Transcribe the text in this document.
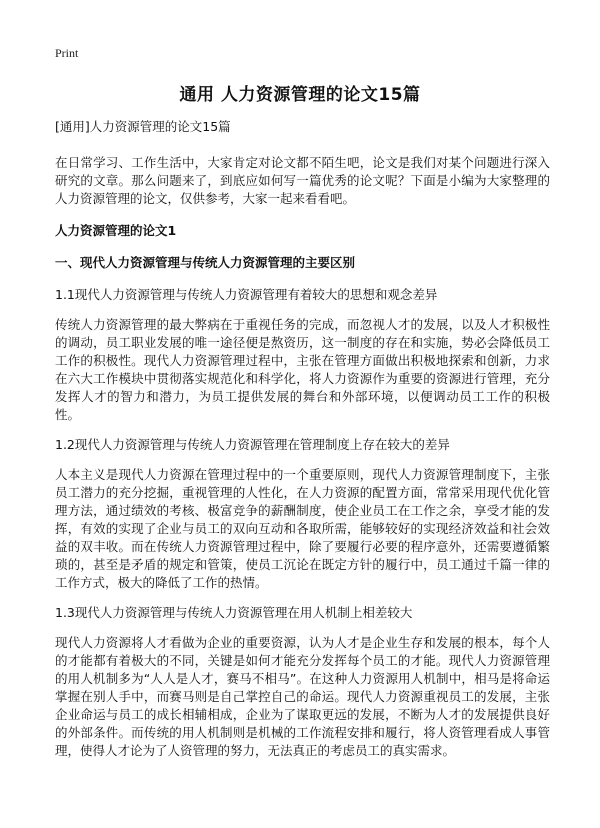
Print
通用 人力资源管理的论文15篇
[通用]人力资源管理的论文15篇

在日常学习、工作生活中，大家肯定对论文都不陌生吧，论文是我们对某个问题进行深入研究的文章。那么问题来了，到底应如何写一篇优秀的论文呢？下面是小编为大家整理的人力资源管理的论文，仅供参考，大家一起来看看吧。

人力资源管理的论文1
一、现代人力资源管理与传统人力资源管理的主要区别
1.1现代人力资源管理与传统人力资源管理有着较大的思想和观念差异

传统人力资源管理的最大弊病在于重视任务的完成，而忽视人才的发展，以及人才积极性的调动，员工职业发展的唯一途径便是熬资历，这一制度的存在和实施，势必会降低员工工作的积极性。现代人力资源管理过程中，主张在管理方面做出积极地探索和创新，力求在六大工作模块中贯彻落实规范化和科学化，将人力资源作为重要的资源进行管理，充分发挥人才的智力和潜力，为员工提供发展的舞台和外部环境，以便调动员工工作的积极性。

1.2现代人力资源管理与传统人力资源管理在管理制度上存在较大的差异

人本主义是现代人力资源在管理过程中的一个重要原则，现代人力资源管理制度下，主张员工潜力的充分挖掘，重视管理的人性化，在人力资源的配置方面，常常采用现代优化管理方法，通过绩效的考核、极富竞争的薪酬制度，使企业员工在工作之余，享受才能的发挥，有效的实现了企业与员工的双向互动和各取所需，能够较好的实现经济效益和社会效益的双丰收。而在传统人力资源管理过程中，除了要履行必要的程序意外，还需要遵循繁琐的，甚至是矛盾的规定和管策，使员工沉论在既定方针的履行中，员工通过千篇一律的工作方式，极大的降低了工作的热情。

1.3现代人力资源管理与传统人力资源管理在用人机制上相差较大

现代人力资源将人才看做为企业的重要资源，认为人才是企业生存和发展的根本，每个人的才能都有着极大的不同，关键是如何才能充分发挥每个员工的才能。现代人力资源管理的用人机制多为“人人是人才，赛马不相马”。在这种人力资源用人机制中，相马是将命运掌握在别人手中，而赛马则是自己掌控自己的命运。现代人力资源重视员工的发展，主张企业命运与员工的成长相辅相成，企业为了谋取更远的发展，不断为人才的发展提供良好的外部条件。而传统的用人机制则是机械的工作流程安排和履行，将人资管理看成人事管理，使得人才论为了人资管理的努力，无法真正的考虑员工的真实需求。
